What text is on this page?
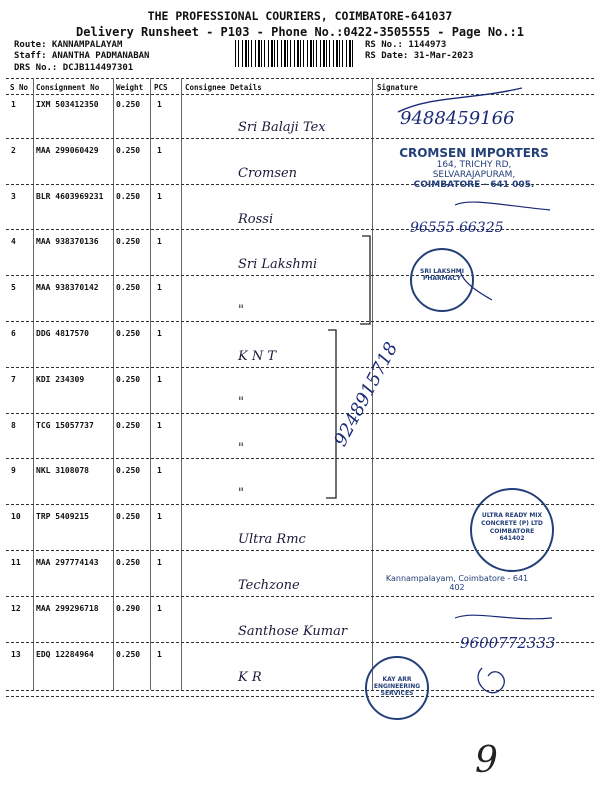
THE PROFESSIONAL COURIERS, COIMBATORE-641037
Delivery Runsheet - P103 - Phone No.:0422-3505555 - Page No.:1
Route: KANNAMPALAYAM
Staff: ANANTHA PADMANABAN
DRS No.: DCJB114497301
RS No.: 1144973
RS Date: 31-Mar-2023
S No Consignment No Weight PCS Consignee Details	Signature
1	IXM 503412350 0.250 1
Sri Balaji Tex
2	MAA 299060429 0.250 1
Cromsen
3	BLR 4603969231 0.250 1
Rossi
4	MAA 938370136 0.250 1
Sri Lakshmi
5	MAA 938370142 0.250 1
"
6	DDG 4817570	0.250 1
K N T
7	KDI 234309	0.250 1
"
8	TCG 15057737	0.250 1
"
9	NKL 3108078	0.250 1
"
10 TRP 5409215	0.250 1
Ultra Rmc
11 MAA 297774143 0.250 1
Techzone
12 MAA 299296718 0.290 1
Santhose Kumar
13 EDQ 12284964	0.250 1
K R
9488459166
CROMSEN IMPORTERS
164, TRICHY RD,
SELVARAJAPURAM,
COIMBATORE - 641 005.
96555 66325
SRI LAKSHMI PHARMACY
9248915718
ULTRA READY MIX CONCRETE (P) LTD COIMBATORE 641402
Kannampalayam, Coimbatore - 641 402
9600772333
KAY ARR ENGINEERING SERVICES
9
